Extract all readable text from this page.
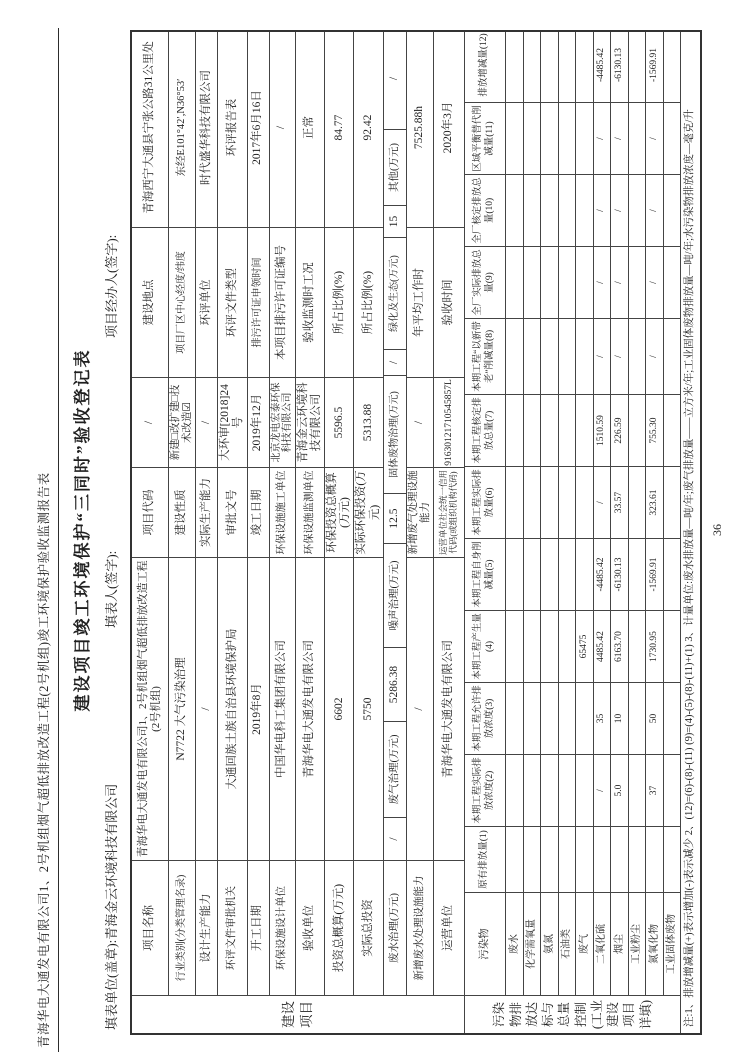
青海华电大通发电有限公司1、2号机组烟气超低排放改造工程(2号机组)竣工环境保护验收监测报告表 建设项目竣工环境保护“三同时”验收登记表
填表单位(盖章):青海金云环境科技有限公司
填表人(签字):
项目经办人(签字):
建设项目
项目名称
青海华电大通发电有限公司1、2号机组烟气超低排放改造工程(2号机组)
项目代码
/
建设地点
青海西宁大通县宁张公路31公里处
行业类别(分类管理名录)
N7722 大气污染治理
建设性质
新建□改扩建□技术改造☑
项目厂区中心经度/纬度
东经E101°42′,N36°53′
设计生产能力
/
实际生产能力
/
环评单位
时代盛华科技有限公司
环评文件审批机关
大通回族土族自治县环境保护局
审批文号
大环审[2018]24号
环评文件类型
环评报告表
开工日期
2019年8月
竣工日期
2019年12月
排污许可证申领时间
2017年6月16日
环保设施设计单位
中国华电科工集团有限公司
环保设施施工单位
北京龙电宏泰环保科技有限公司
本项目排污许可证编号
/
验收单位
青海华电大通发电有限公司
环保设施监测单位
青海金云环境科技有限公司
验收监测时工况
正常
投资总概算(万元)
6602
环保投资总概算(万元)
5596.5
所占比例(%)
84.77
实际总投资
5750
实际环保投资(万元)
5313.88
所占比例(%)
92.42
废水治理(万元)
/
废气治理(万元)
5286.38
噪声治理(万元)
12.5
固体废物治理(万元)
/
绿化及生态(万元)
15
其他(万元)
/
新增废水处理设施能力
/
新增废气处理设施能力
/
年平均工作时
7525.88h
运营单位
青海华电大通发电有限公司
运营单位社会统一信用代码(或组织机构代码)
91630121710545857L
验收时间
2020年3月
污染物排放达标与总量控制(工业建设项目详填)
污染物
原有排放量(1)
本期工程实际排放浓度(2)
本期工程允许排放浓度(3)
本期工程产生量(4)
本期工程自身削减量(5)
本期工程实际排放量(6)
本期工程核定排放总量(7)
本期工程“以新带老”削减量(8)
全厂实际排放总量(9)
全厂核定排放总量(10)
区域平衡替代削减量(11)
排放增减量(12)
废水 化学需氧量 氨氮 石油类 废气
65475
二氧化硫
/
35
4485.42
-4485.42
/
1510.59
/
/
/
/
-4485.42
烟尘
5.0
10
6163.70
-6130.13
33.57
226.59
/
/
/
/
-6130.13
工业粉尘 氮氧化物
37
50
1730.95
-1569.91
323.61
755.30
/
/
/
/
-1569.91
工业固体废物 注:1、排放增减量(+)表示增加(-)表示减少 2、(12)=(6)-(8)-(11) (9)=(4)-(5)-(8)-(11)+(1) 3、计量单位:废水排放量—吨/年;废气排放量——立方米/年;工业固体废物排放量—吨/年;水污染物排放浓度—毫克/升	36
